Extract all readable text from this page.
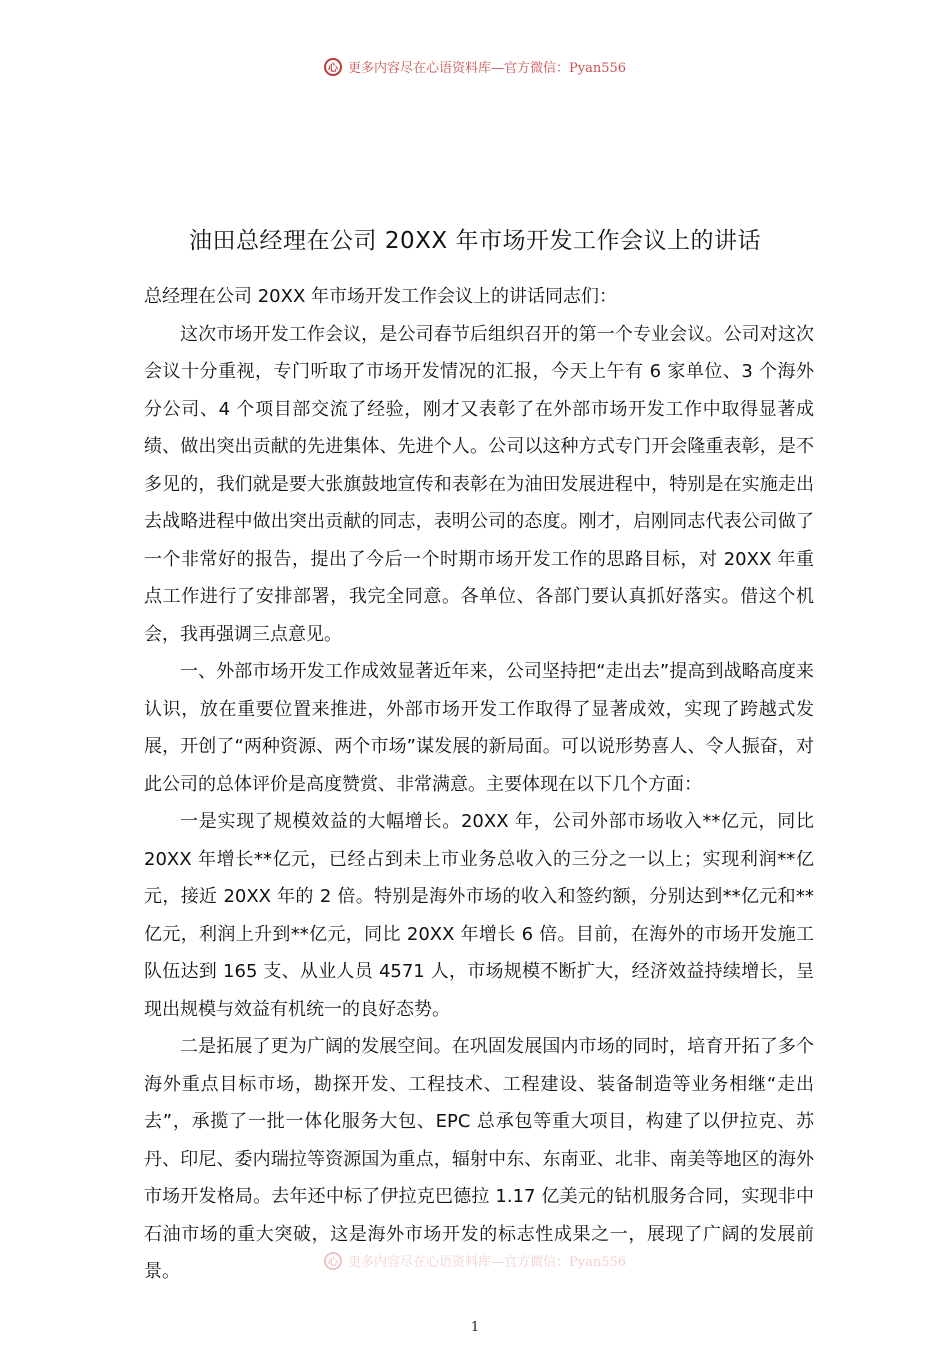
心 更多内容尽在心语资料库—官方微信：Pyan556
油田总经理在公司 20XX 年市场开发工作会议上的讲话

总经理在公司 20XX 年市场开发工作会议上的讲话同志们：

这次市场开发工作会议，是公司春节后组织召开的第一个专业会议。公司对这次会议十分重视，专门听取了市场开发情况的汇报，今天上午有 6 家单位、3 个海外分公司、4 个项目部交流了经验，刚才又表彰了在外部市场开发工作中取得显著成绩、做出突出贡献的先进集体、先进个人。公司以这种方式专门开会隆重表彰，是不多见的，我们就是要大张旗鼓地宣传和表彰在为油田发展进程中，特别是在实施走出去战略进程中做出突出贡献的同志，表明公司的态度。刚才，启刚同志代表公司做了一个非常好的报告，提出了今后一个时期市场开发工作的思路目标，对 20XX 年重点工作进行了安排部署，我完全同意。各单位、各部门要认真抓好落实。借这个机会，我再强调三点意见。

一、外部市场开发工作成效显著近年来，公司坚持把“走出去”提高到战略高度来认识，放在重要位置来推进，外部市场开发工作取得了显著成效，实现了跨越式发展，开创了“两种资源、两个市场”谋发展的新局面。可以说形势喜人、令人振奋，对此公司的总体评价是高度赞赏、非常满意。主要体现在以下几个方面：

一是实现了规模效益的大幅增长。20XX 年，公司外部市场收入**亿元，同比 20XX 年增长**亿元，已经占到未上市业务总收入的三分之一以上；实现利润**亿元，接近 20XX 年的 2 倍。特别是海外市场的收入和签约额，分别达到**亿元和**亿元，利润上升到**亿元，同比 20XX 年增长 6 倍。目前，在海外的市场开发施工队伍达到 165 支、从业人员 4571 人，市场规模不断扩大，经济效益持续增长，呈现出规模与效益有机统一的良好态势。

二是拓展了更为广阔的发展空间。在巩固发展国内市场的同时，培育开拓了多个海外重点目标市场，勘探开发、工程技术、工程建设、装备制造等业务相继“走出去”，承揽了一批一体化服务大包、EPC 总承包等重大项目，构建了以伊拉克、苏丹、印尼、委内瑞拉等资源国为重点，辐射中东、东南亚、北非、南美等地区的海外市场开发格局。去年还中标了伊拉克巴德拉 1.17 亿美元的钻机服务合同，实现非中石油市场的重大突破，这是海外市场开发的标志性成果之一，展现了广阔的发展前景。	心 更多内容尽在心语资料库—官方微信：Pyan556
1
